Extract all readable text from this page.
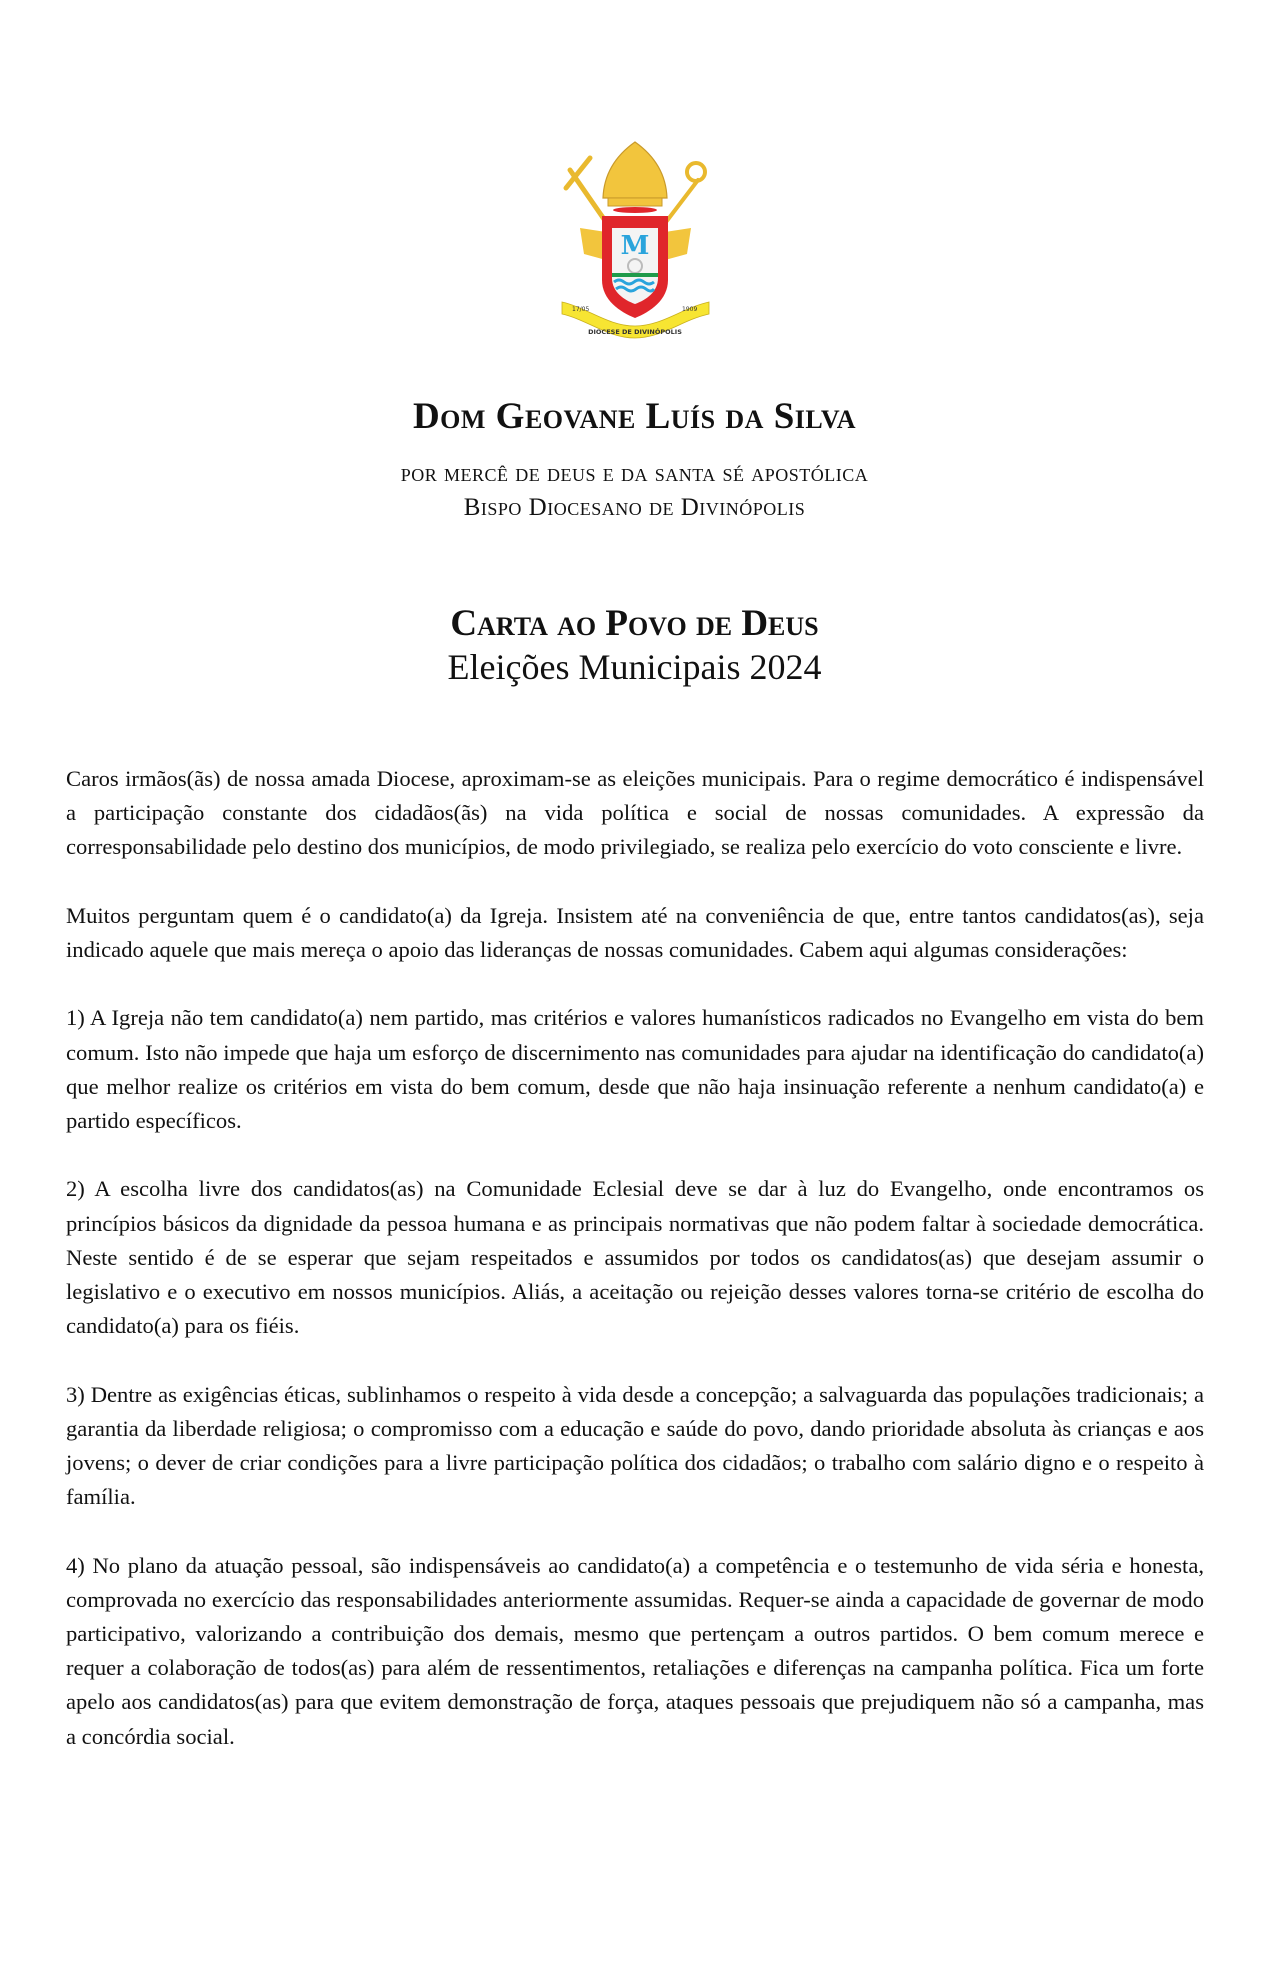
M
17/05	1909
DIOCESE DE DIVINÓPOLIS
Dom Geovane Luís da Silva
por mercê de deus e da santa sé apostólica
Bispo Diocesano de Divinópolis
Carta ao Povo de Deus
Eleições Municipais 2024

Caros irmãos(ãs) de nossa amada Diocese, aproximam-se as eleições municipais. Para o regime democrático é indispensável a participação constante dos cidadãos(ãs) na vida política e social de nossas comunidades. A expressão da corresponsabilidade pelo destino dos municípios, de modo privilegiado, se realiza pelo exercício do voto consciente e livre.

Muitos perguntam quem é o candidato(a) da Igreja. Insistem até na conveniência de que, entre tantos candidatos(as), seja indicado aquele que mais mereça o apoio das lideranças de nossas comunidades. Cabem aqui algumas considerações:

1) A Igreja não tem candidato(a) nem partido, mas critérios e valores humanísticos radicados no Evangelho em vista do bem comum. Isto não impede que haja um esforço de discernimento nas comunidades para ajudar na identificação do candidato(a) que melhor realize os critérios em vista do bem comum, desde que não haja insinuação referente a nenhum candidato(a) e partido específicos.

2) A escolha livre dos candidatos(as) na Comunidade Eclesial deve se dar à luz do Evangelho, onde encontramos os princípios básicos da dignidade da pessoa humana e as principais normativas que não podem faltar à sociedade democrática. Neste sentido é de se esperar que sejam respeitados e assumidos por todos os candidatos(as) que desejam assumir o legislativo e o executivo em nossos municípios. Aliás, a aceitação ou rejeição desses valores torna-se critério de escolha do candidato(a) para os fiéis.

3) Dentre as exigências éticas, sublinhamos o respeito à vida desde a concepção; a salvaguarda das populações tradicionais; a garantia da liberdade religiosa; o compromisso com a educação e saúde do povo, dando prioridade absoluta às crianças e aos jovens; o dever de criar condições para a livre participação política dos cidadãos; o trabalho com salário digno e o respeito à família.

4) No plano da atuação pessoal, são indispensáveis ao candidato(a) a competência e o testemunho de vida séria e honesta, comprovada no exercício das responsabilidades anteriormente assumidas. Requer-se ainda a capacidade de governar de modo participativo, valorizando a contribuição dos demais, mesmo que pertençam a outros partidos. O bem comum merece e requer a colaboração de todos(as) para além de ressentimentos, retaliações e diferenças na campanha política. Fica um forte apelo aos candidatos(as) para que evitem demonstração de força, ataques pessoais que prejudiquem não só a campanha, mas a concórdia social.
